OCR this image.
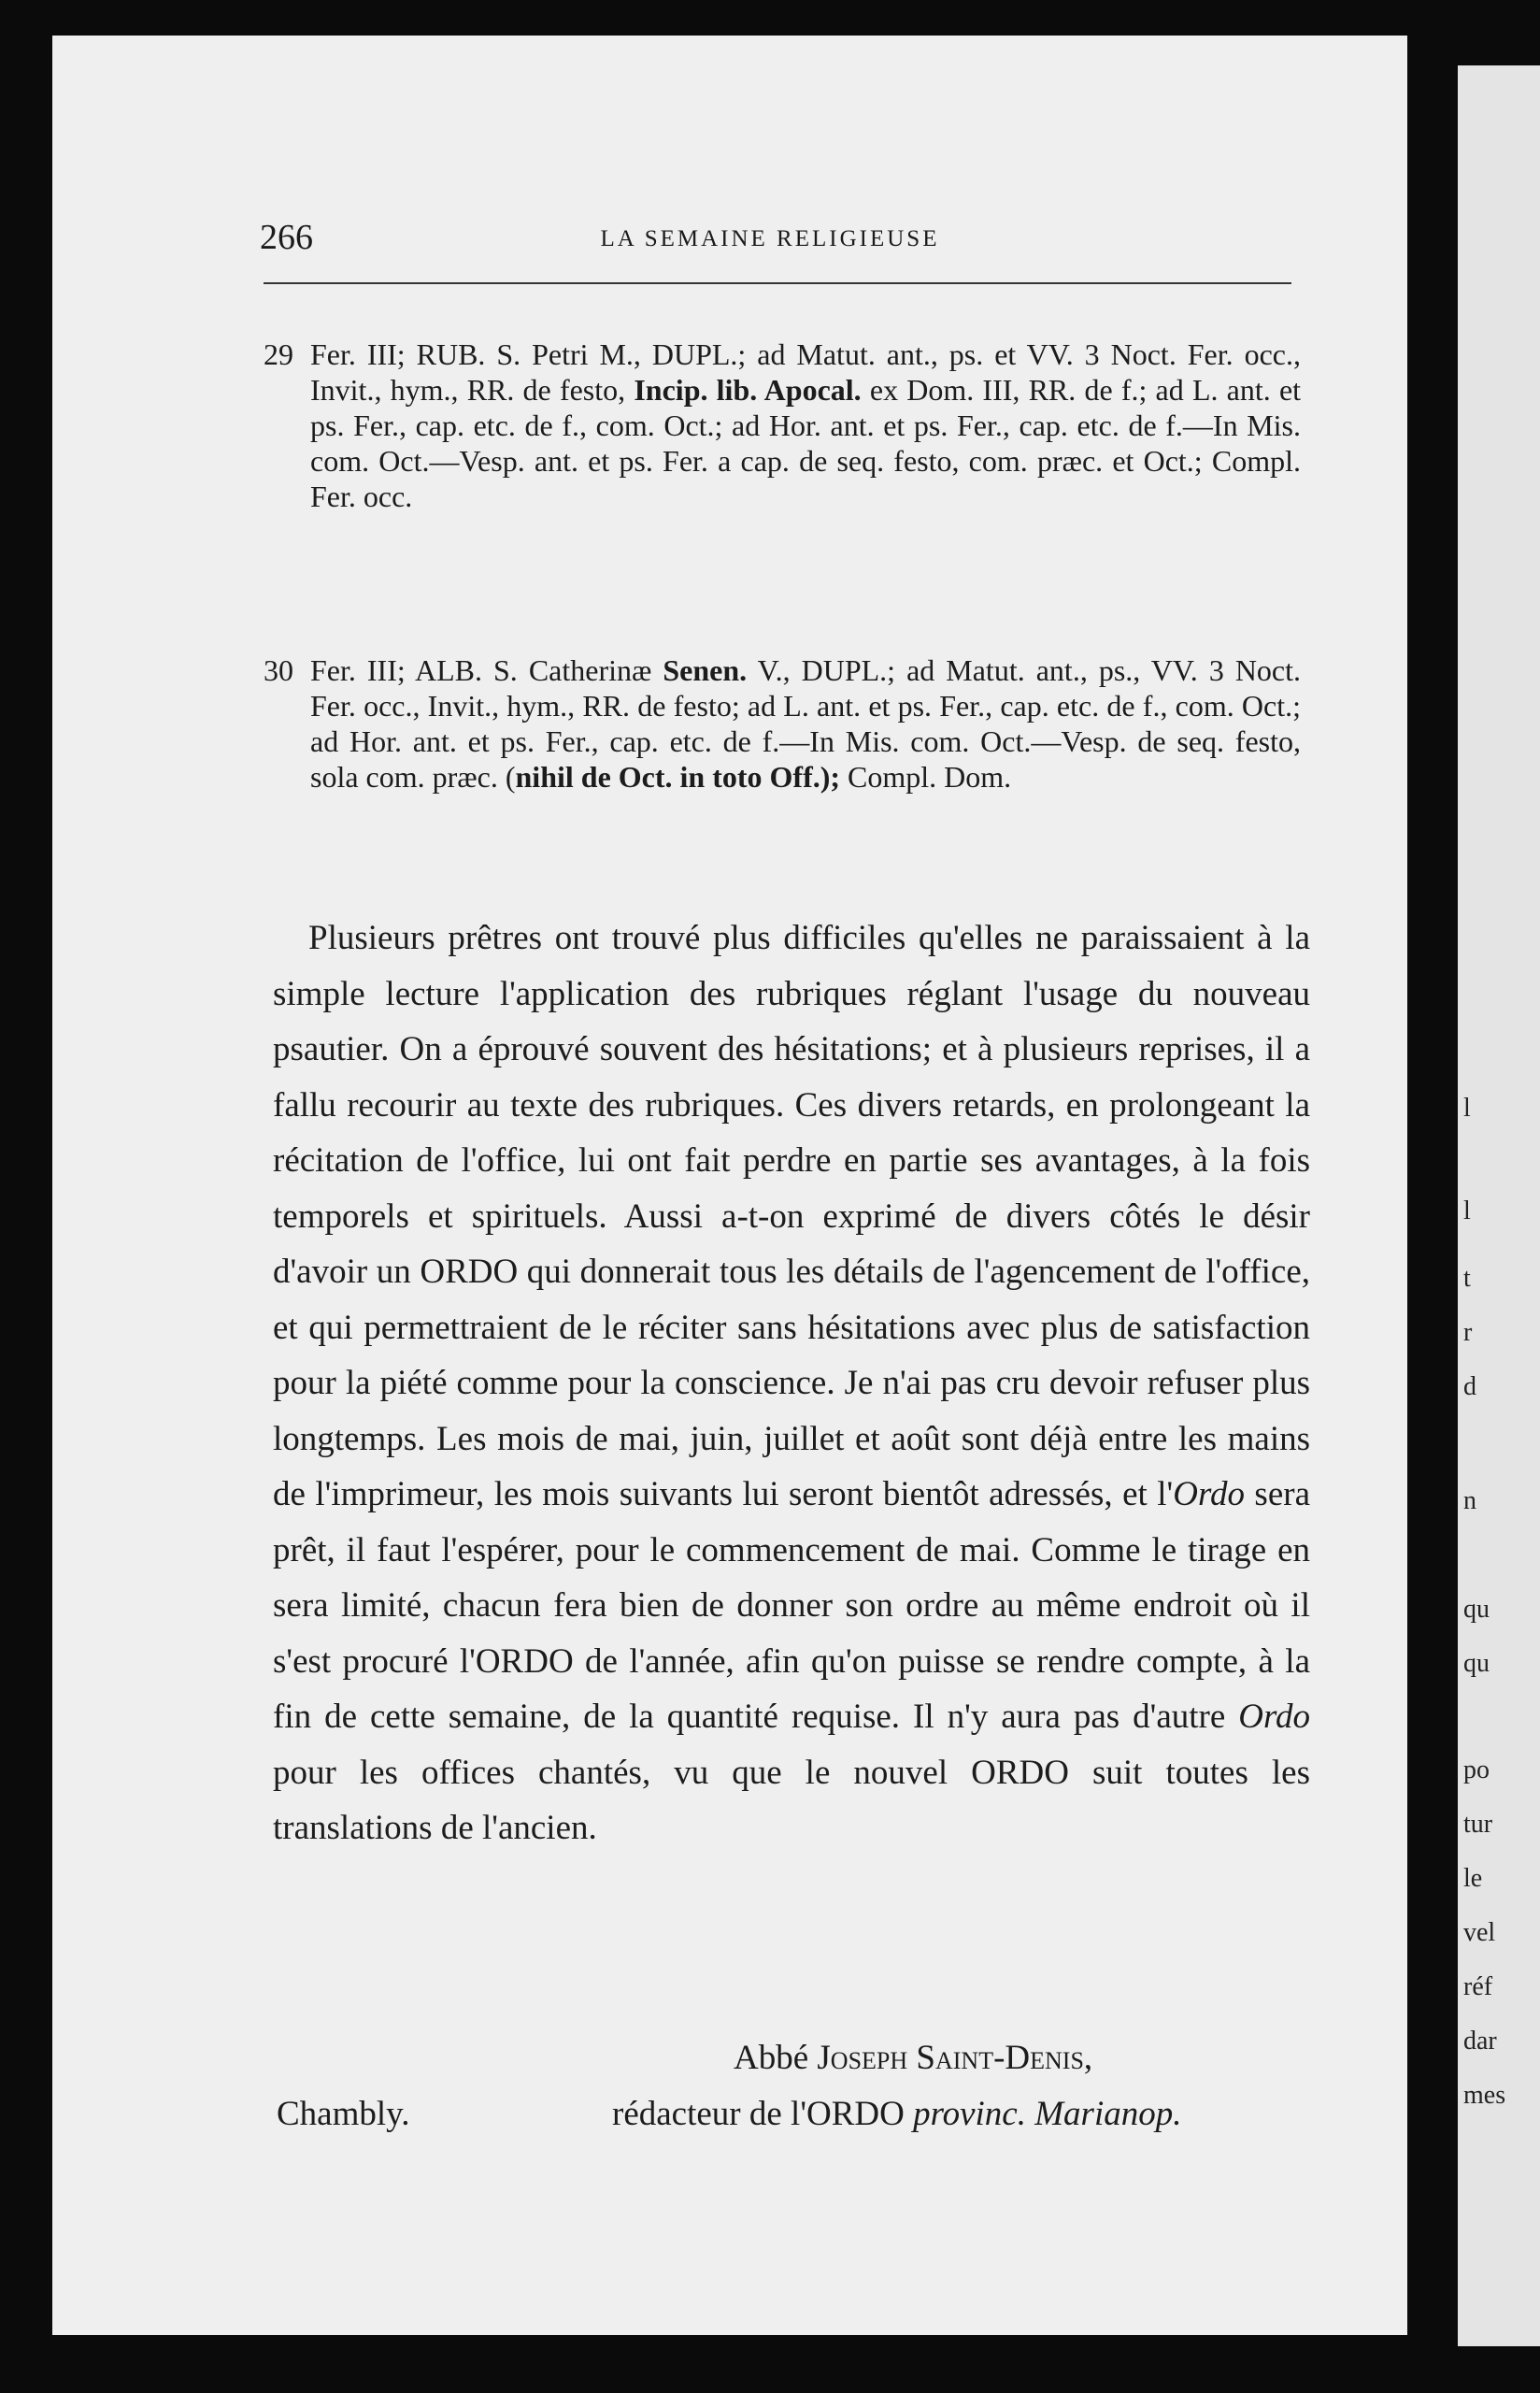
l
l
t
r
d
n
qu
qu
po
tur
le
vel
réf
dar
mes
266	LA SEMAINE RELIGIEUSE
29 Fer. III; RUB. S. Petri M., DUPL.; ad Matut. ant., ps. et VV. 3 Noct. Fer. occ., Invit., hym., RR. de festo, Incip. lib. Apocal. ex Dom. III, RR. de f.; ad L. ant. et ps. Fer., cap. etc. de f., com. Oct.; ad Hor. ant. et ps. Fer., cap. etc. de f.—In Mis. com. Oct.—Vesp. ant. et ps. Fer. a cap. de seq. festo, com. præc. et Oct.; Compl. Fer. occ.
30 Fer. III; ALB. S. Catherinæ Senen. V., DUPL.; ad Matut. ant., ps., VV. 3 Noct. Fer. occ., Invit., hym., RR. de festo; ad L. ant. et ps. Fer., cap. etc. de f., com. Oct.; ad Hor. ant. et ps. Fer., cap. etc. de f.—In Mis. com. Oct.—Vesp. de seq. festo, sola com. præc. (nihil de Oct. in toto Off.); Compl. Dom.
Plusieurs prêtres ont trouvé plus difficiles qu'elles ne paraissaient à la simple lecture l'application des rubriques réglant l'usage du nouveau psautier. On a éprouvé souvent des hésitations; et à plusieurs reprises, il a fallu recourir au texte des rubriques. Ces divers retards, en prolongeant la récitation de l'office, lui ont fait perdre en partie ses avantages, à la fois temporels et spirituels. Aussi a-t-on exprimé de divers côtés le désir d'avoir un ORDO qui donnerait tous les détails de l'agencement de l'office, et qui permettraient de le réciter sans hésitations avec plus de satisfaction pour la piété comme pour la conscience. Je n'ai pas cru devoir refuser plus longtemps. Les mois de mai, juin, juillet et août sont déjà entre les mains de l'imprimeur, les mois suivants lui seront bientôt adressés, et l'Ordo sera prêt, il faut l'espérer, pour le commencement de mai. Comme le tirage en sera limité, chacun fera bien de donner son ordre au même endroit où il s'est procuré l'ORDO de l'année, afin qu'on puisse se rendre compte, à la fin de cette semaine, de la quantité requise. Il n'y aura pas d'autre Ordo pour les offices chantés, vu que le nouvel ORDO suit toutes les translations de l'ancien.
Abbé Joseph Saint-Denis,
Chambly.	rédacteur de l'ORDO provinc. Marianop.
